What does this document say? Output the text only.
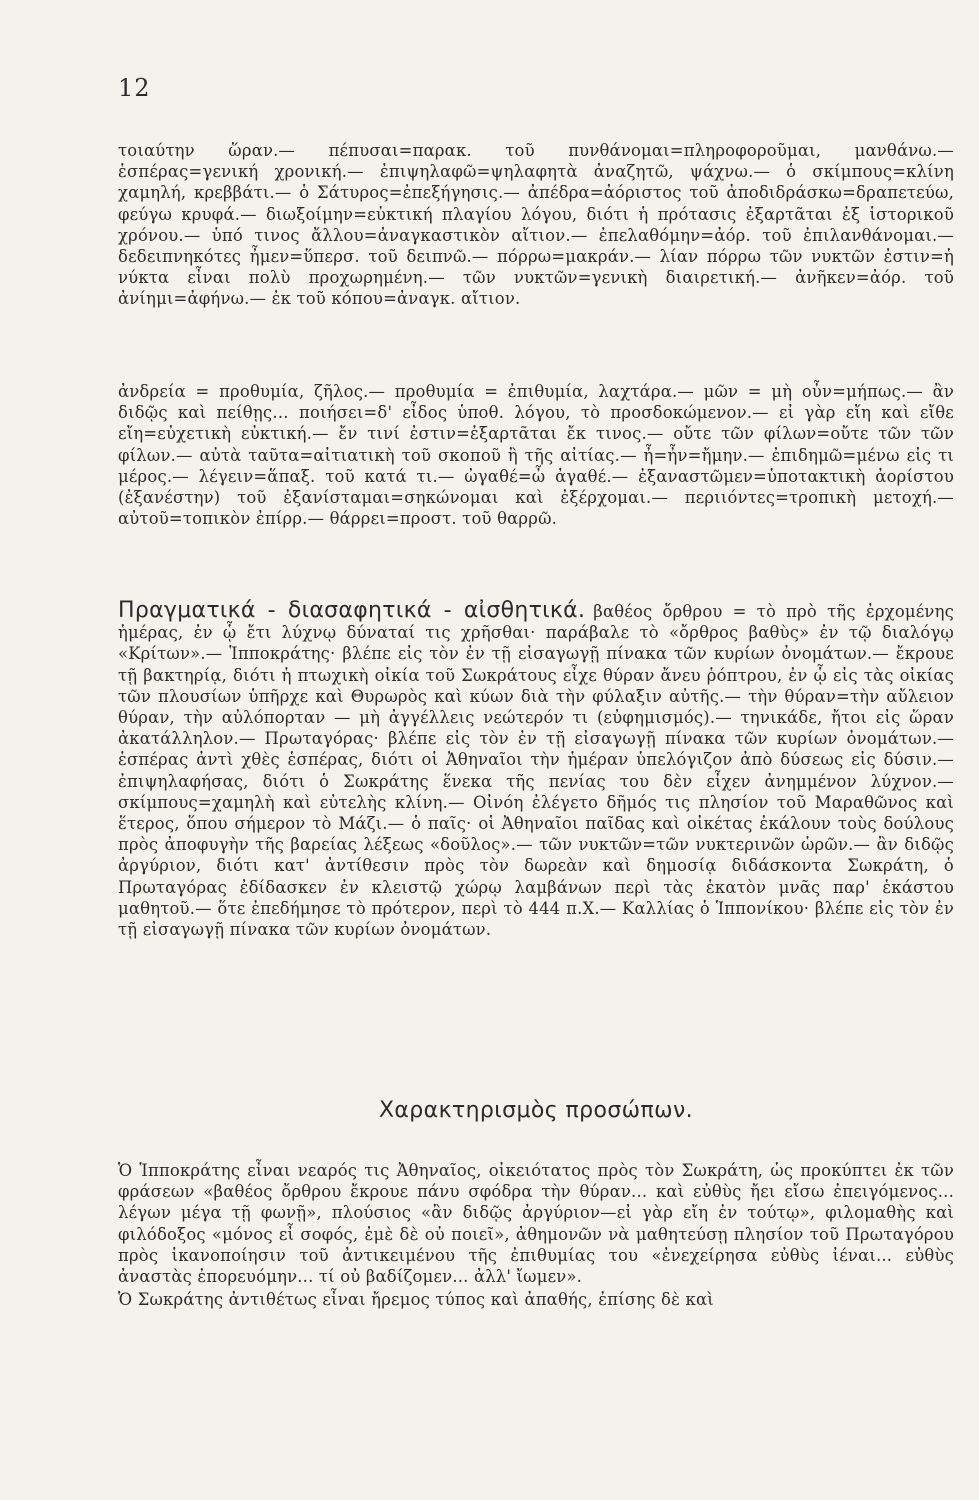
12

τοιαύτην ὥραν.— πέπυσαι=παρακ. τοῦ πυνθάνομαι=πληροφοροῦμαι, μανθάνω.— ἑσπέρας=γενική χρονική.— ἐπιψηλαφῶ=ψηλαφητὰ ἀναζητῶ, ψάχνω.— ὁ σκίμπους=κλίνη χαμηλή, κρεββάτι.— ὁ Σάτυρος=ἐπεξήγησις.— ἀπέδρα=ἀόριστος τοῦ ἀποδιδράσκω=δραπετεύω, φεύγω κρυφά.— διωξοίμην=εὐκτική πλαγίου λόγου, διότι ἡ πρότασις ἐξαρτᾶται ἐξ ἱστορικοῦ χρόνου.— ὑπό τινος ἄλλου=ἀναγκαστικὸν αἴτιον.— ἐπελαθόμην=ἀόρ. τοῦ ἐπιλανθάνομαι.— δεδειπνηκότες ἦμεν=ὕπερσ. τοῦ δειπνῶ.— πόρρω=μακράν.— λίαν πόρρω τῶν νυκτῶν ἐστιν=ἡ νύκτα εἶναι πολὺ προχωρημένη.— τῶν νυκτῶν=γενικὴ διαιρετική.— ἀνῆκεν=ἀόρ. τοῦ ἀνίημι=ἀφήνω.— ἐκ τοῦ κόπου=ἀναγκ. αἴτιον.

ἀνδρεία = προθυμία, ζῆλος.— προθυμία = ἐπιθυμία, λαχτάρα.— μῶν = μὴ οὖν=μήπως.— ἂν διδῷς καὶ πείθῃς… ποιήσει=δ' εἶδος ὑποθ. λόγου, τὸ προσδοκώμενον.— εἰ γὰρ εἴη καὶ εἴθε εἴη=εὐχετικὴ εὐκτική.— ἔν τινί ἐστιν=ἐξαρτᾶται ἔκ τινος.— οὔτε τῶν φίλων=οὔτε τῶν τῶν φίλων.— αὐτὰ ταῦτα=αἰτιατικὴ τοῦ σκοποῦ ἢ τῆς αἰτίας.— ἦ=ἦν=ἤμην.— ἐπιδημῶ=μένω εἰς τι μέρος.— λέγειν=ἅπαξ. τοῦ κατά τι.— ὠγαθέ=ὦ ἀγαθέ.— ἐξαναστῶμεν=ὑποτακτικὴ ἀορίστου (ἐξανέστην) τοῦ ἐξανίσταμαι=σηκώνομαι καὶ ἐξέρχομαι.— περιιόντες=τροπικὴ μετοχή.— αὐτοῦ=τοπικὸν ἐπίρρ.— θάρρει=προστ. τοῦ θαρρῶ.

Πραγματικά - διασαφητικά - αἰσθητικά. βαθέος ὄρθρου = τὸ πρὸ τῆς ἐρχομένης ἡμέρας, ἐν ᾧ ἔτι λύχνῳ δύναταί τις χρῆσθαι· παράβαλε τὸ «ὄρθρος βαθὺς» ἐν τῷ διαλόγῳ «Κρίτων».— Ἱπποκράτης· βλέπε εἰς τὸν ἐν τῇ εἰσαγωγῇ πίνακα τῶν κυρίων ὀνομάτων.— ἔκρουε τῇ βακτηρίᾳ, διότι ἡ πτωχικὴ οἰκία τοῦ Σωκράτους εἶχε θύραν ἄνευ ῥόπτρου, ἐν ᾧ εἰς τὰς οἰκίας τῶν πλουσίων ὑπῆρχε καὶ Θυρωρὸς καὶ κύων διὰ τὴν φύλαξιν αὐτῆς.— τὴν θύραν=τὴν αὔλειον θύραν, τὴν αὐλόπορταν — μὴ ἀγγέλλεις νεώτερόν τι (εὐφημισμός).— τηνικάδε, ἤτοι εἰς ὥραν ἀκατάλληλον.— Πρωταγόρας· βλέπε εἰς τὸν ἐν τῇ εἰσαγωγῇ πίνακα τῶν κυρίων ὀνομάτων.— ἑσπέρας ἀντὶ χθὲς ἑσπέρας, διότι οἱ Ἀθηναῖοι τὴν ἡμέραν ὑπελόγιζον ἀπὸ δύσεως εἰς δύσιν.— ἐπιψηλαφήσας, διότι ὁ Σωκράτης ἕνεκα τῆς πενίας του δὲν εἶχεν ἀνημμένον λύχνον.— σκίμπους=χαμηλὴ καὶ εὐτελὴς κλίνη.— Οἰνόη ἐλέγετο δῆμός τις πλησίον τοῦ Μαραθῶνος καὶ ἕτερος, ὅπου σήμερον τὸ Μάζι.— ὁ παῖς· οἱ Ἀθηναῖοι παῖδας καὶ οἰκέτας ἐκάλουν τοὺς δούλους πρὸς ἀποφυγὴν τῆς βαρείας λέξεως «δοῦλος».— τῶν νυκτῶν=τῶν νυκτερινῶν ὡρῶν.— ἂν διδῷς ἀργύριον, διότι κατ' ἀντίθεσιν πρὸς τὸν δωρεὰν καὶ δημοσίᾳ διδάσκοντα Σωκράτη, ὁ Πρωταγόρας ἐδίδασκεν ἐν κλειστῷ χώρῳ λαμβάνων περὶ τὰς ἑκατὸν μνᾶς παρ' ἑκάστου μαθητοῦ.— ὅτε ἐπεδήμησε τὸ πρότερον, περὶ τὸ 444 π.Χ.— Καλλίας ὁ Ἱππονίκου· βλέπε εἰς τὸν ἐν τῇ εἰσαγωγῇ πίνακα τῶν κυρίων ὀνομάτων.

Χαρακτηρισμὸς προσώπων.

Ὁ Ἱπποκράτης εἶναι νεαρός τις Ἀθηναῖος, οἰκειότατος πρὸς τὸν Σωκράτη, ὡς προκύπτει ἐκ τῶν φράσεων «βαθέος ὄρθρου ἔκρουε πάνυ σφόδρα τὴν θύραν... καὶ εὐθὺς ἤει εἴσω ἐπειγόμενος... λέγων μέγα τῇ φωνῇ», πλούσιος «ἂν διδῷς ἀργύριον—εἰ γὰρ εἴη ἐν τούτῳ», φιλομαθὴς καὶ φιλόδοξος «μόνος εἶ σοφός, ἐμὲ δὲ οὐ ποιεῖ», ἀθημονῶν νὰ μαθητεύσῃ πλησίον τοῦ Πρωταγόρου πρὸς ἱκανοποίησιν τοῦ ἀντικειμένου τῆς ἐπιθυμίας του «ἐνεχείρησα εὐθὺς ἰέναι... εὐθὺς ἀναστὰς ἐπορευόμην... τί οὐ βαδίζομεν... ἀλλ' ἴωμεν».

Ὁ Σωκράτης ἀντιθέτως εἶναι ἤρεμος τύπος καὶ ἀπαθής, ἐπίσης δὲ καὶ
